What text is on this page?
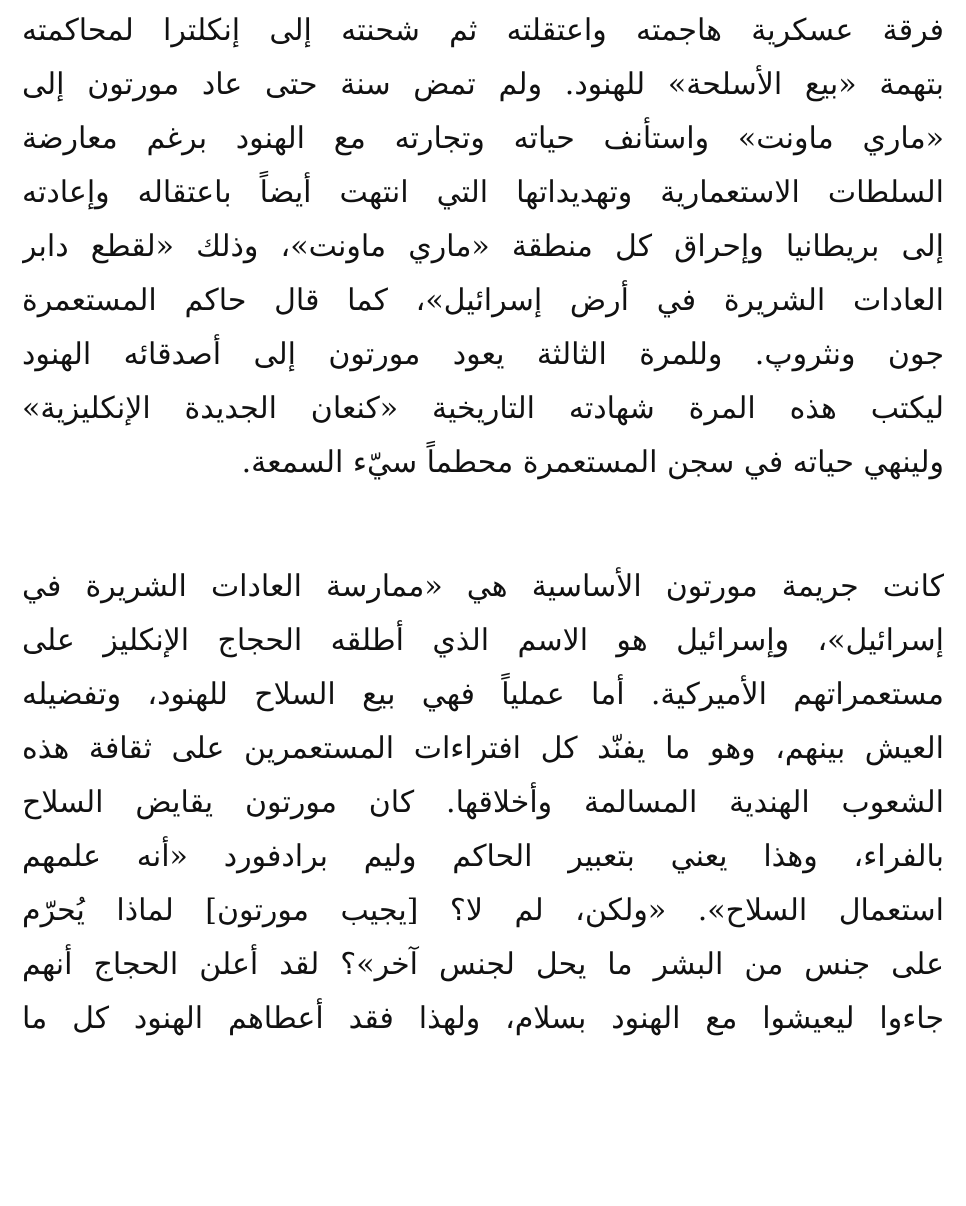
فرقة عسكرية هاجمته واعتقلته ثم شحنته إلى إنكلترا لمحاكمته
بتهمة «بيع الأسلحة» للهنود. ولم تمض سنة حتى عاد مورتون إلى
«ماري ماونت» واستأنف حياته وتجارته مع الهنود برغم معارضة
السلطات الاستعمارية وتهديداتها التي انتهت أيضاً باعتقاله وإعادته
إلى بريطانيا وإحراق كل منطقة «ماري ماونت»، وذلك «لقطع دابر
العادات الشريرة في أرض إسرائيل»، كما قال حاكم المستعمرة
جون ونثروپ. وللمرة الثالثة يعود مورتون إلى أصدقائه الهنود
ليكتب هذه المرة شهادته التاريخية «كنعان الجديدة الإنكليزية»
ولينهي حياته في سجن المستعمرة محطماً سيّء السمعة.
كانت جريمة مورتون الأساسية هي «ممارسة العادات الشريرة في
إسرائيل»، وإسرائيل هو الاسم الذي أطلقه الحجاج الإنكليز على
مستعمراتهم الأميركية. أما عملياً فهي بيع السلاح للهنود، وتفضيله
العيش بينهم، وهو ما يفنّد كل افتراءات المستعمرين على ثقافة هذه
الشعوب الهندية المسالمة وأخلاقها. كان مورتون يقايض السلاح
بالفراء، وهذا يعني بتعبير الحاكم وليم برادفورد «أنه علمهم
استعمال السلاح». «ولكن، لم لا؟ [يجيب مورتون] لماذا يُحرّم
على جنس من البشر ما يحل لجنس آخر»؟ لقد أعلن الحجاج أنهم
جاءوا ليعيشوا مع الهنود بسلام، ولهذا فقد أعطاهم الهنود كل ما
